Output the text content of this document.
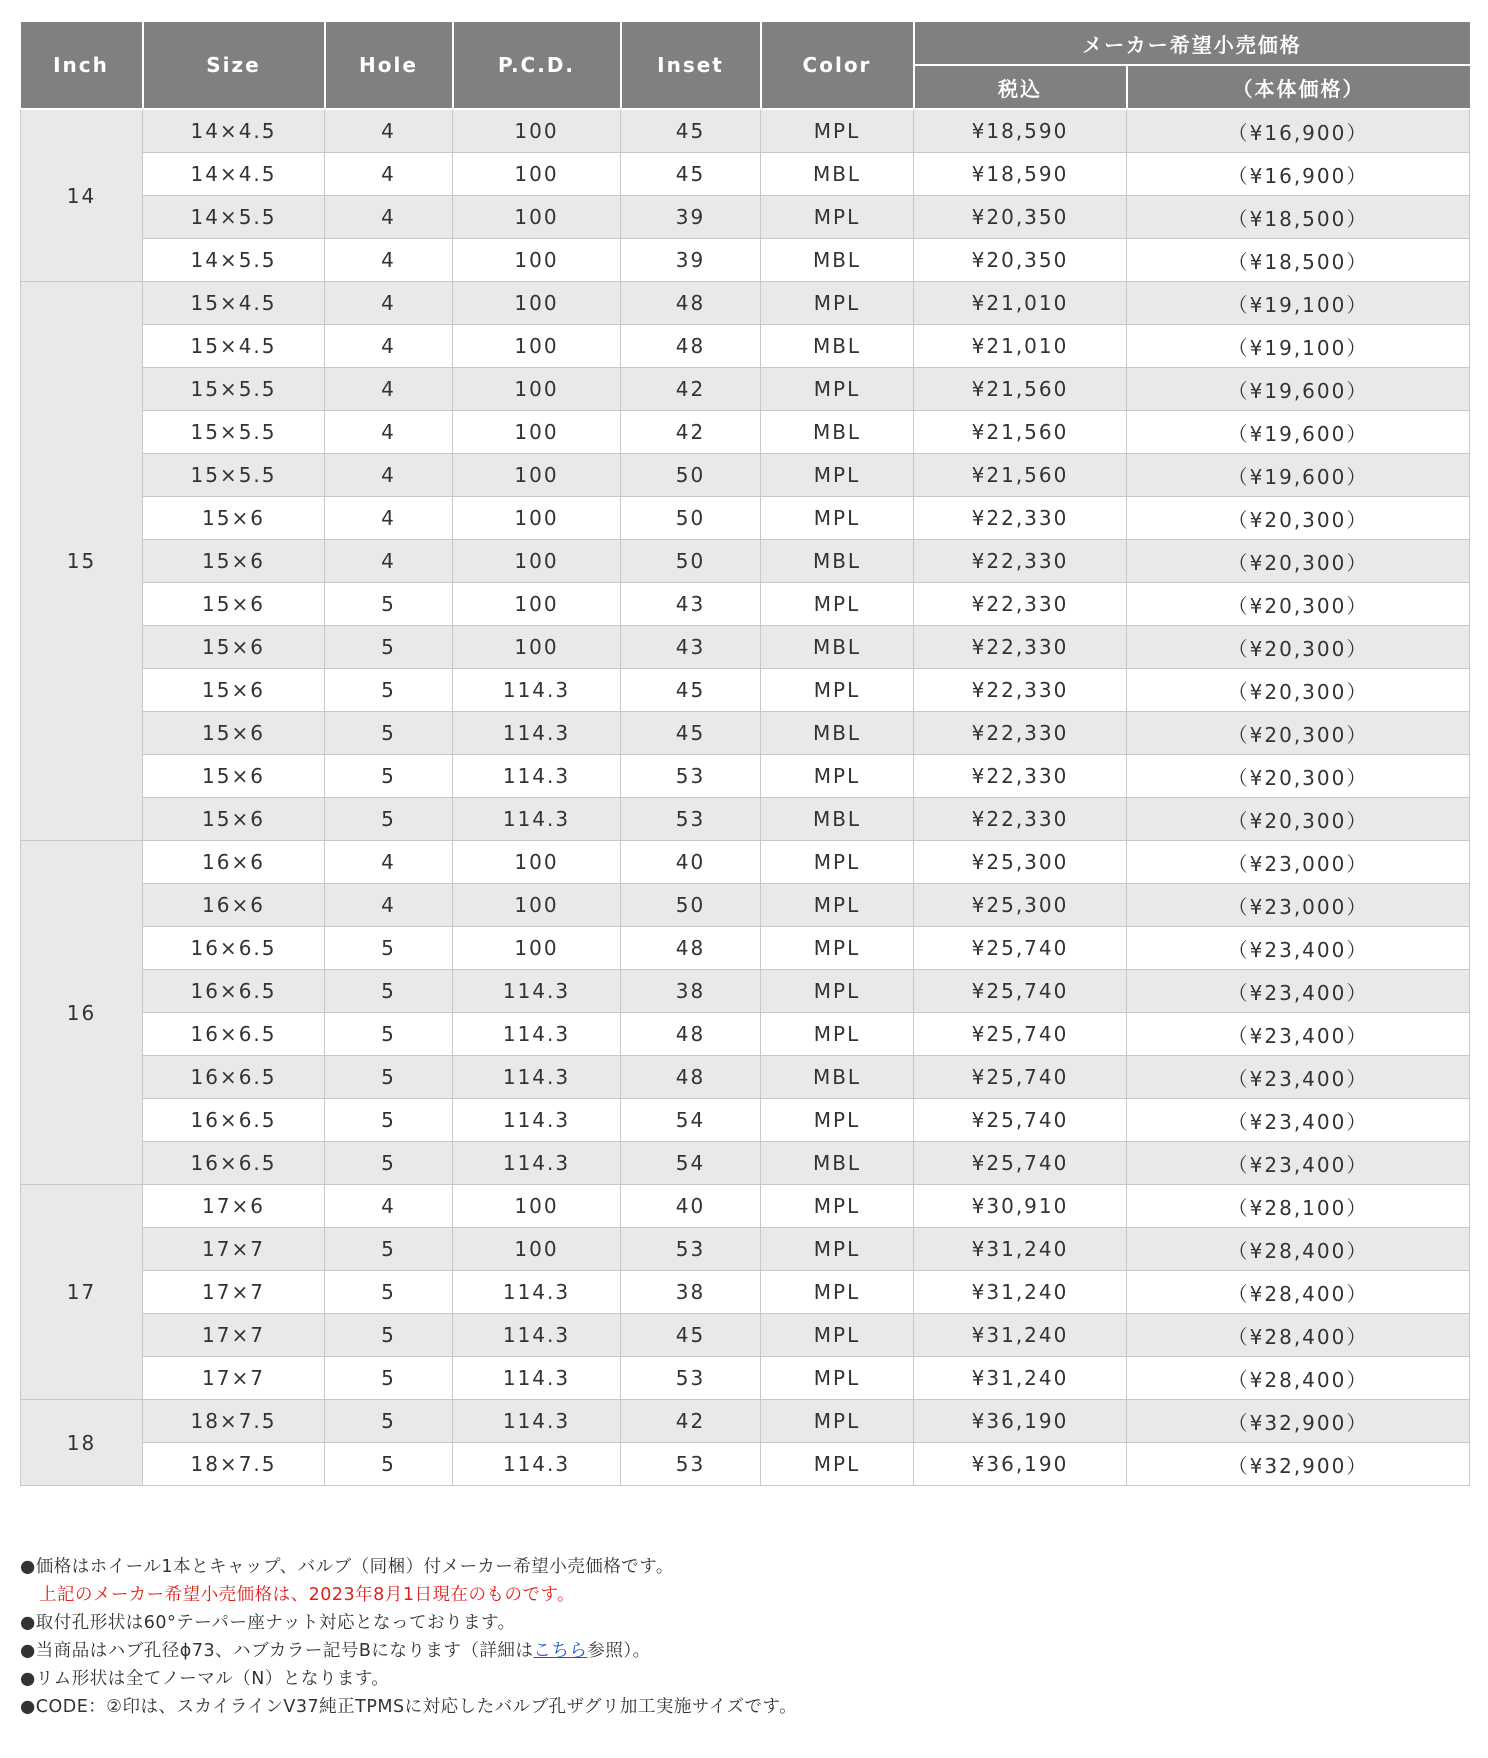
Inch	Size	Hole	P.C.D.	Inset	Color	メーカー希望小売価格	
						税込	（本体価格）
14	14×4.5	4	100	45	MPL	¥18,590	（¥16,900）
	14×4.5	4	100	45	MBL	¥18,590	（¥16,900）
	14×5.5	4	100	39	MPL	¥20,350	（¥18,500）
	14×5.5	4	100	39	MBL	¥20,350	（¥18,500）
15	15×4.5	4	100	48	MPL	¥21,010	（¥19,100）
	15×4.5	4	100	48	MBL	¥21,010	（¥19,100）
	15×5.5	4	100	42	MPL	¥21,560	（¥19,600）
	15×5.5	4	100	42	MBL	¥21,560	（¥19,600）
	15×5.5	4	100	50	MPL	¥21,560	（¥19,600）
	15×6	4	100	50	MPL	¥22,330	（¥20,300）
	15×6	4	100	50	MBL	¥22,330	（¥20,300）
	15×6	5	100	43	MPL	¥22,330	（¥20,300）
	15×6	5	100	43	MBL	¥22,330	（¥20,300）
	15×6	5	114.3	45	MPL	¥22,330	（¥20,300）
	15×6	5	114.3	45	MBL	¥22,330	（¥20,300）
	15×6	5	114.3	53	MPL	¥22,330	（¥20,300）
	15×6	5	114.3	53	MBL	¥22,330	（¥20,300）
16	16×6	4	100	40	MPL	¥25,300	（¥23,000）
	16×6	4	100	50	MPL	¥25,300	（¥23,000）
	16×6.5	5	100	48	MPL	¥25,740	（¥23,400）
	16×6.5	5	114.3	38	MPL	¥25,740	（¥23,400）
	16×6.5	5	114.3	48	MPL	¥25,740	（¥23,400）
	16×6.5	5	114.3	48	MBL	¥25,740	（¥23,400）
	16×6.5	5	114.3	54	MPL	¥25,740	（¥23,400）
	16×6.5	5	114.3	54	MBL	¥25,740	（¥23,400）
17	17×6	4	100	40	MPL	¥30,910	（¥28,100）
	17×7	5	100	53	MPL	¥31,240	（¥28,400）
	17×7	5	114.3	38	MPL	¥31,240	（¥28,400）
	17×7	5	114.3	45	MPL	¥31,240	（¥28,400）
	17×7	5	114.3	53	MPL	¥31,240	（¥28,400）
18	18×7.5	5	114.3	42	MPL	¥36,190	（¥32,900）
	18×7.5	5	114.3	53	MPL	¥36,190	（¥32,900）

●価格はホイール1本とキャップ、バルブ（同梱）付メーカー希望小売価格です。

上記のメーカー希望小売価格は、2023年8月1日現在のものです。

●取付孔形状は60°テーパー座ナット対応となっております。

●当商品はハブ孔径ϕ73、ハブカラー記号Bになります（詳細はこちら参照）。

●リム形状は全てノーマル（N）となります。

●CODE：②印は、スカイラインV37純正TPMSに対応したバルブ孔ザグリ加工実施サイズです。
